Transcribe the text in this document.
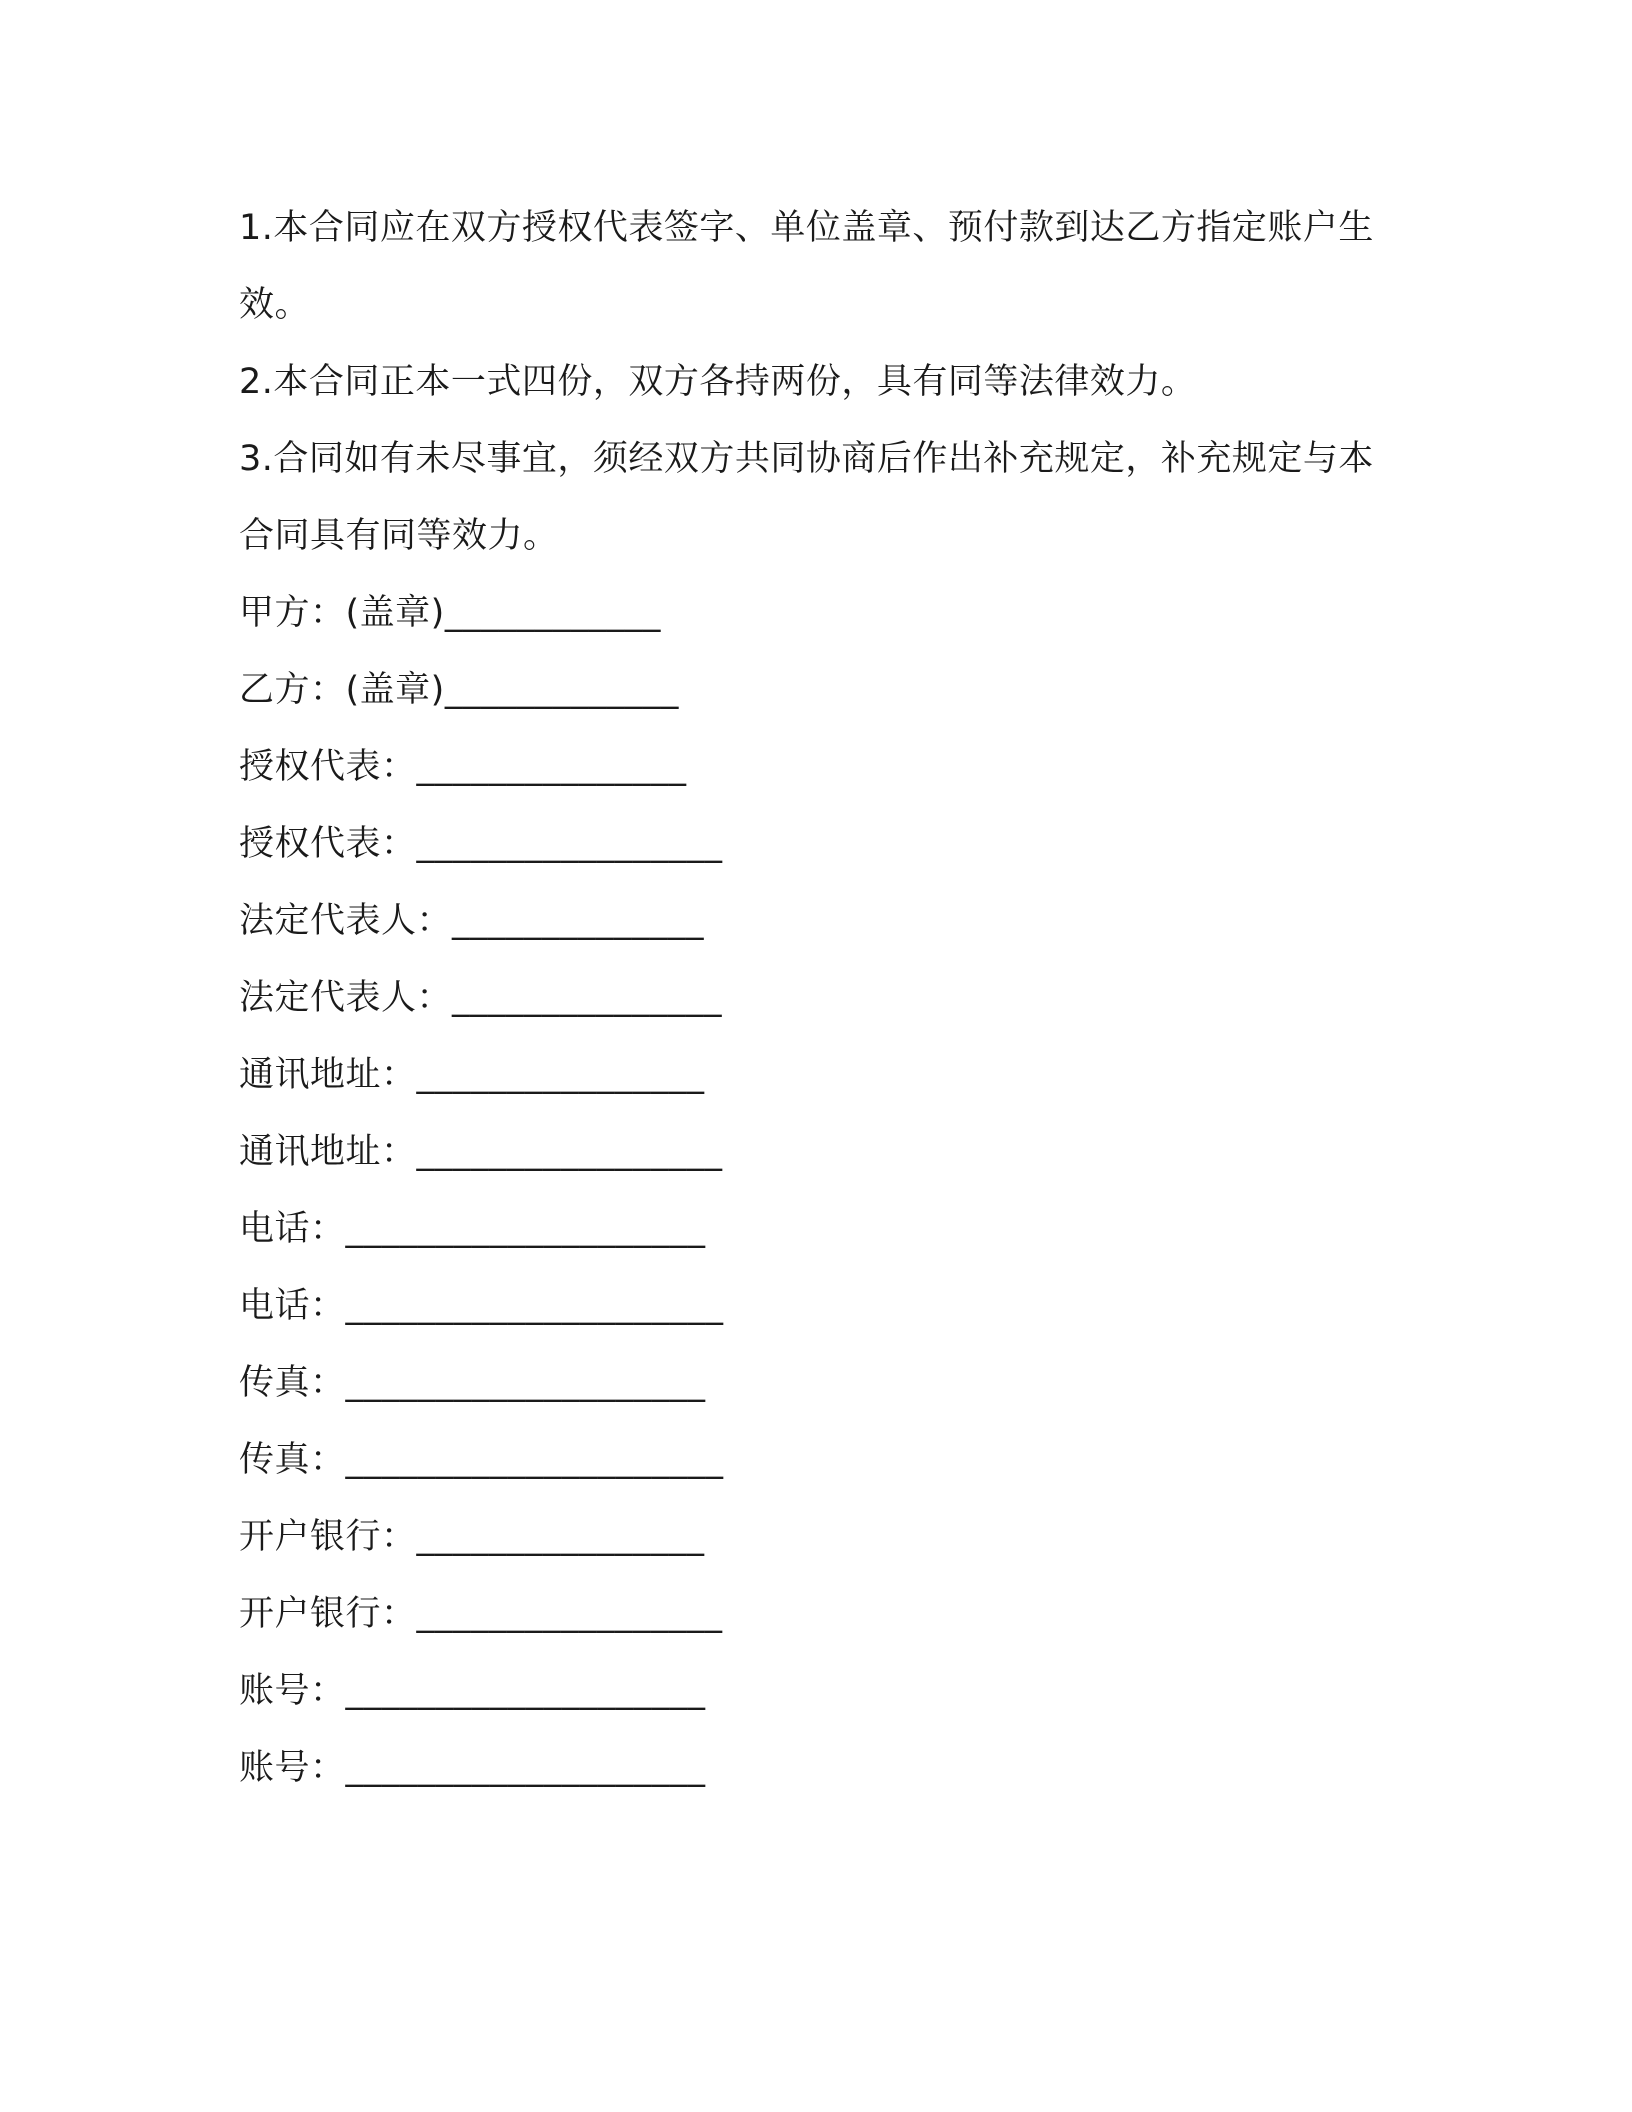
1.本合同应在双方授权代表签字、单位盖章、预付款到达乙方指定账户生效。

2.本合同正本一式四份，双方各持两份，具有同等法律效力。

3.合同如有未尽事宜，须经双方共同协商后作出补充规定，补充规定与本合同具有同等效力。

甲方：(盖章)____________

乙方：(盖章)_____________

授权代表：_______________

授权代表：_________________

法定代表人：______________

法定代表人：_______________

通讯地址：________________

通讯地址：_________________

电话：____________________

电话：_____________________

传真：____________________

传真：_____________________

开户银行：________________

开户银行：_________________

账号：____________________

账号：____________________
